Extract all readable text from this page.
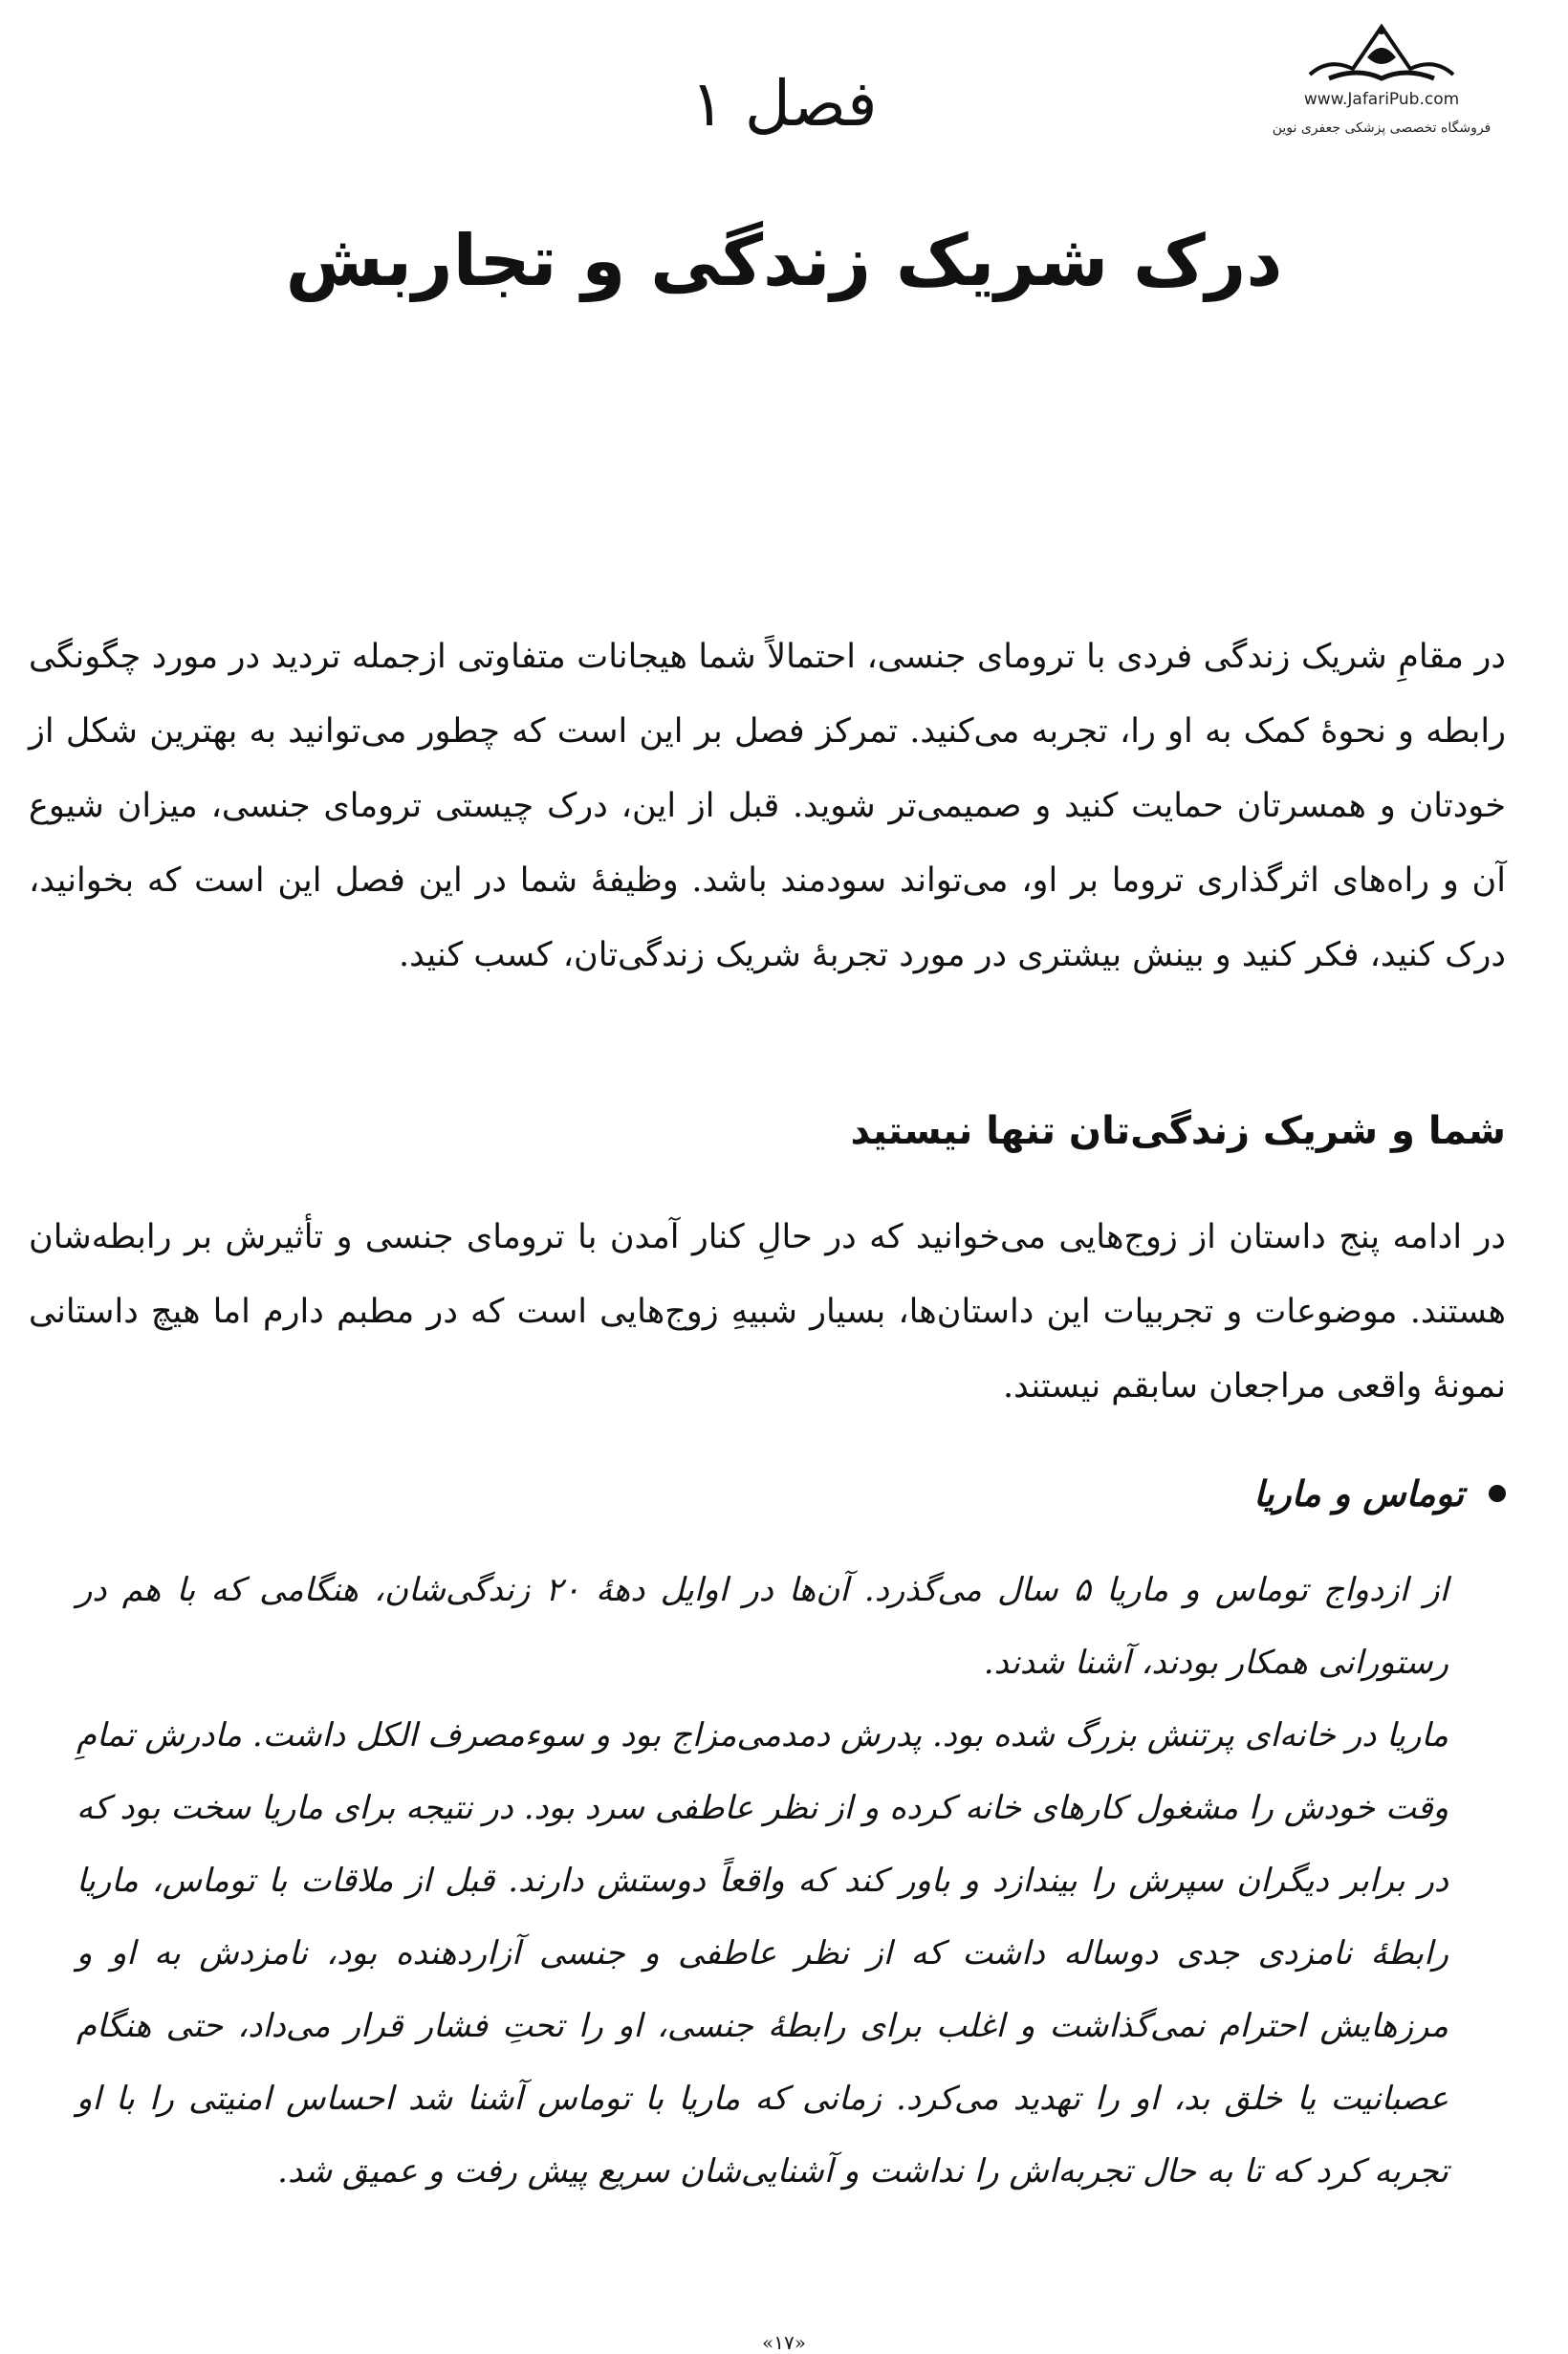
www.JafariPub.com
فروشگاه تخصصی پزشکی جعفری نوین
فصل ۱
درک شریک زندگی و تجاربش
در مقامِ شریک زندگی فردی با ترومای جنسی، احتمالاً شما هیجانات متفاوتی ازجمله تردید در مورد چگونگی رابطه و نحوهٔ کمک به او را، تجربه می‌کنید. تمرکز فصل بر این است که چطور می‌توانید به بهترین شکل از خودتان و همسرتان حمایت کنید و صمیمی‌تر شوید. قبل از این، درک چیستی ترومای جنسی، میزان شیوع آن و راه‌های اثرگذاری تروما بر او، می‌تواند سودمند باشد. وظیفهٔ شما در این فصل این است که بخوانید، درک کنید، فکر کنید و بینش بیشتری در مورد تجربهٔ شریک زندگی‌تان، کسب کنید.
شما و شریک زندگی‌تان تنها نیستید
در ادامه پنج داستان از زوج‌هایی می‌خوانید که در حالِ کنار آمدن با ترومای جنسی و تأثیرش بر رابطه‌شان هستند. موضوعات و تجربیات این داستان‌ها، بسیار شبیهِ زوج‌هایی است که در مطبم دارم اما هیچ داستانی نمونهٔ واقعی مراجعان سابقم نیستند.
توماس و ماریا

از ازدواج توماس و ماریا ۵ سال می‌گذرد. آن‌ها در اوایل دههٔ ۲۰ زندگی‌شان، هنگامی که با هم در رستورانی همکار بودند، آشنا شدند.

ماریا در خانه‌ای پرتنش بزرگ شده بود. پدرش دمدمی‌مزاج بود و سوءمصرف الکل داشت. مادرش تمامِ وقت خودش را مشغول کارهای خانه کرده و از نظر عاطفی سرد بود. در نتیجه برای ماریا سخت بود که در برابر دیگران سپرش را بیندازد و باور کند که واقعاً دوستش دارند. قبل از ملاقات با توماس، ماریا رابطهٔ نامزدی جدی دوساله داشت که از نظر عاطفی و جنسی آزاردهنده بود، نامزدش به او و مرزهایش احترام نمی‌گذاشت و اغلب برای رابطهٔ جنسی، او را تحتِ فشار قرار می‌داد، حتی هنگام عصبانیت یا خلق بد، او را تهدید می‌کرد. زمانی که ماریا با توماس آشنا شد احساس امنیتی را با او تجربه کرد که تا به حال تجربه‌اش را نداشت و آشنایی‌شان سریع پیش رفت و عمیق شد.

«۱۷»
